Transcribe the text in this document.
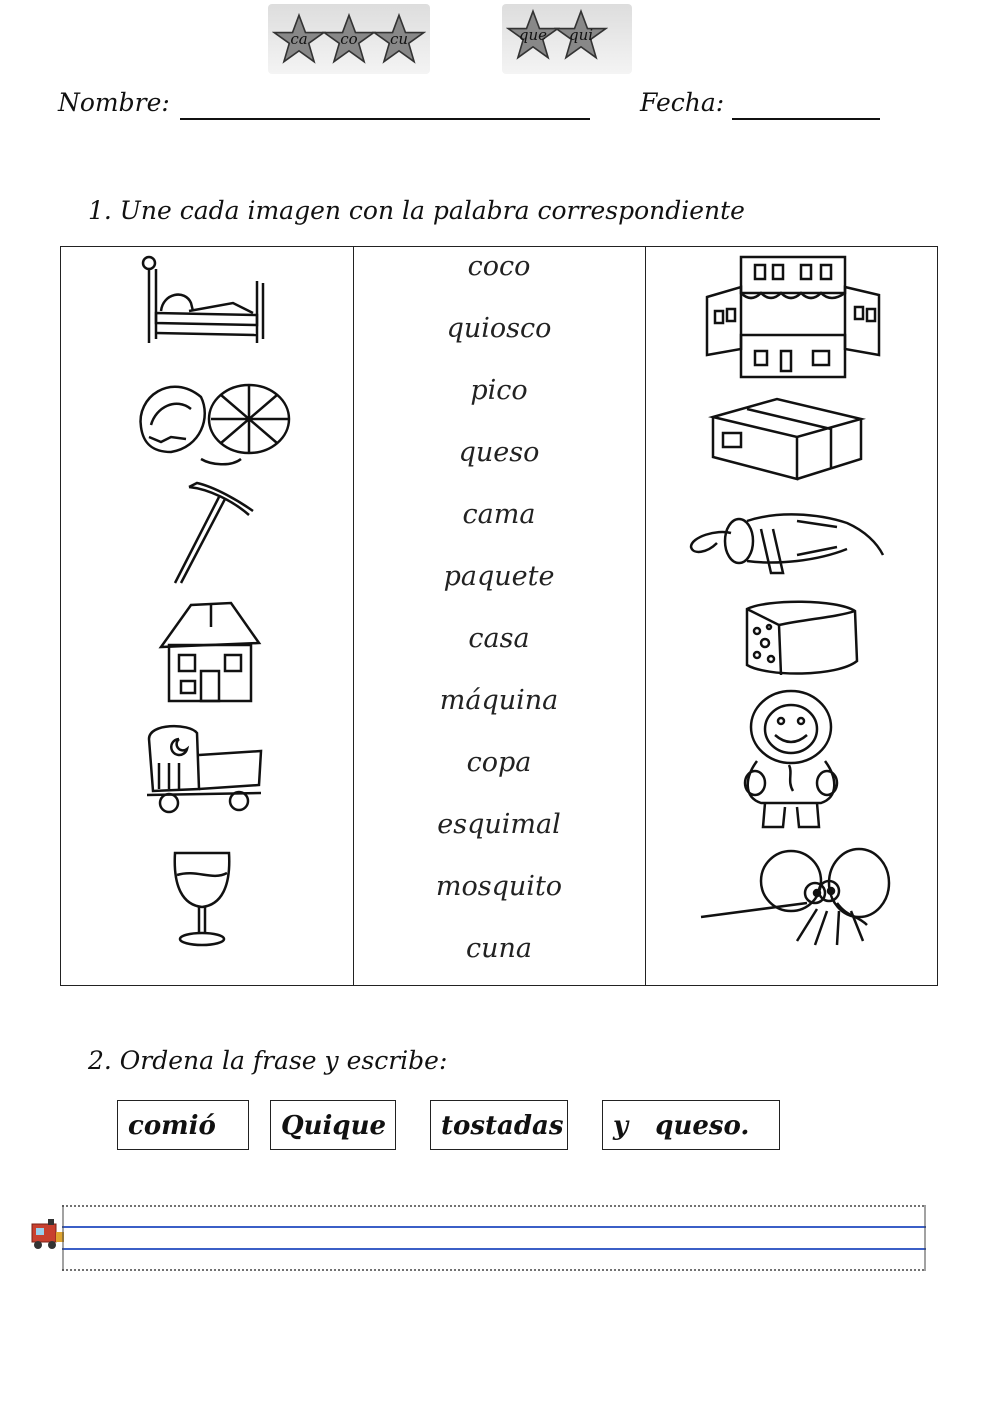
ca	co	cu	que	qui
Nombre:	Fecha:
1. Une cada imagen con la palabra correspondiente
coco
quiosco
pico
queso
cama
paquete
casa
máquina
copa
esquimal
mosquito
cuna
2. Ordena la frase y escribe:
comió	Quique	tostadas	y   queso.
